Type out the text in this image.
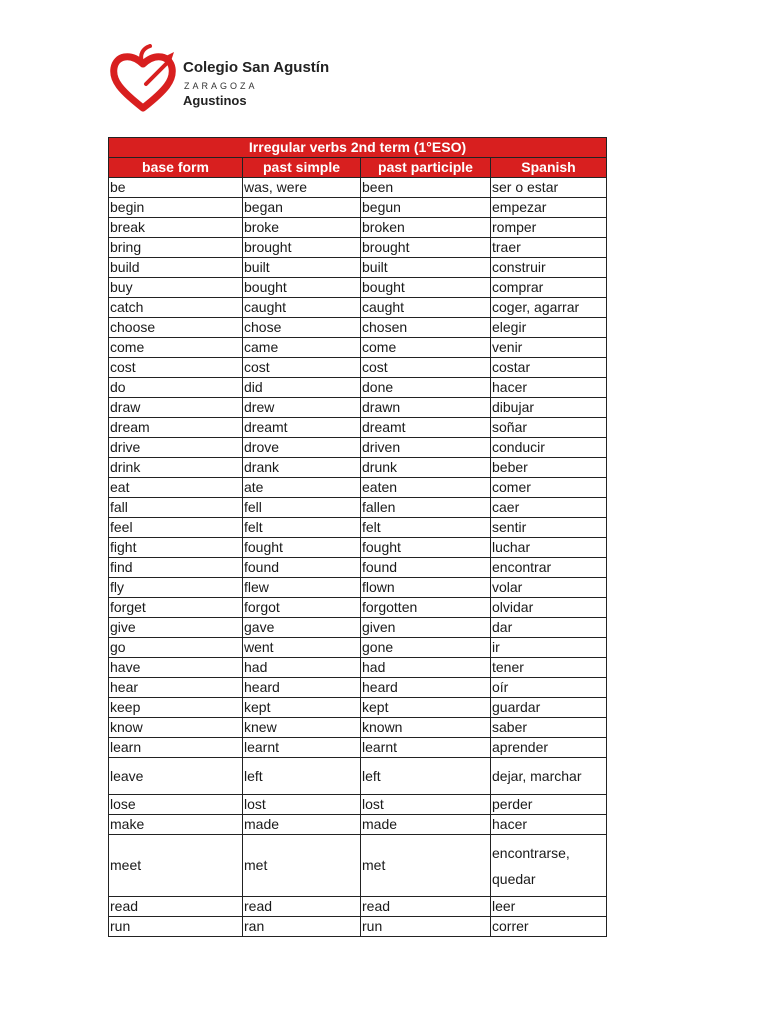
Colegio San Agustín
ZARAGOZA
Agustinos
Irregular verbs 2nd term (1°ESO)			
base form	past simple	past participle	Spanish
be	was, were	been	ser o estar
begin	began	begun	empezar
break	broke	broken	romper
bring	brought	brought	traer
build	built	built	construir
buy	bought	bought	comprar
catch	caught	caught	coger, agarrar
choose	chose	chosen	elegir
come	came	come	venir
cost	cost	cost	costar
do	did	done	hacer
draw	drew	drawn	dibujar
dream	dreamt	dreamt	soñar
drive	drove	driven	conducir
drink	drank	drunk	beber
eat	ate	eaten	comer
fall	fell	fallen	caer
feel	felt	felt	sentir
fight	fought	fought	luchar
find	found	found	encontrar
fly	flew	flown	volar
forget	forgot	forgotten	olvidar
give	gave	given	dar
go	went	gone	ir
have	had	had	tener
hear	heard	heard	oír
keep	kept	kept	guardar
know	knew	known	saber
learn	learnt	learnt	aprender
leave	left	left	dejar, marchar
lose	lost	lost	perder
make	made	made	hacer
meet	met	met	encontrarse, quedar
read	read	read	leer
run	ran	run	correr
